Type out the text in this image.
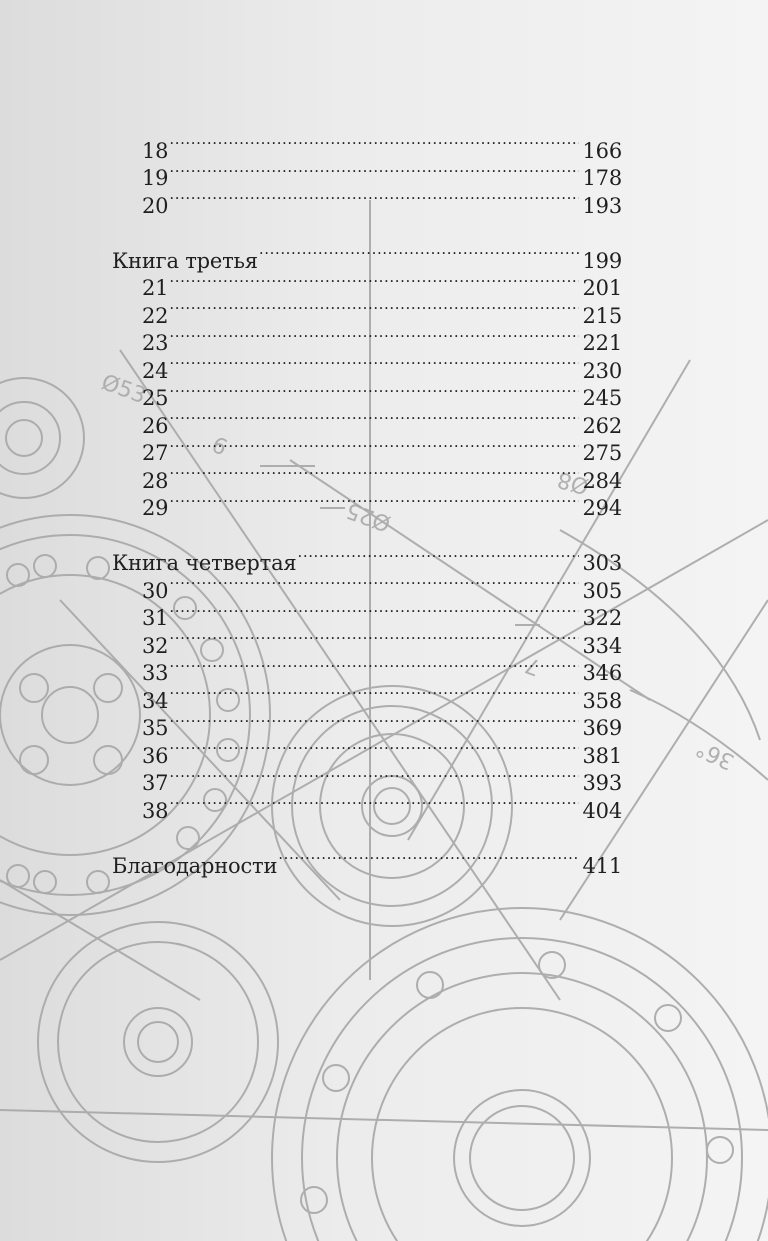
Ø53
6
Ø25
Ø8
7
36°
18 .....	166
19 .....	178
20 .....	193
Книга третья .....	199
21 .....	201
22 .....	215
23 .....	221
24 .....	230
25 .....	245
26 .....	262
27 .....	275
28 .....	284
29 .....	294
Книга четвертая .....	303
30 .....	305
31 .....	322
32 .....	334
33 .....	346
34 .....	358
35 .....	369
36 .....	381
37 .....	393
38 .....	404
Благодарности .....	411
